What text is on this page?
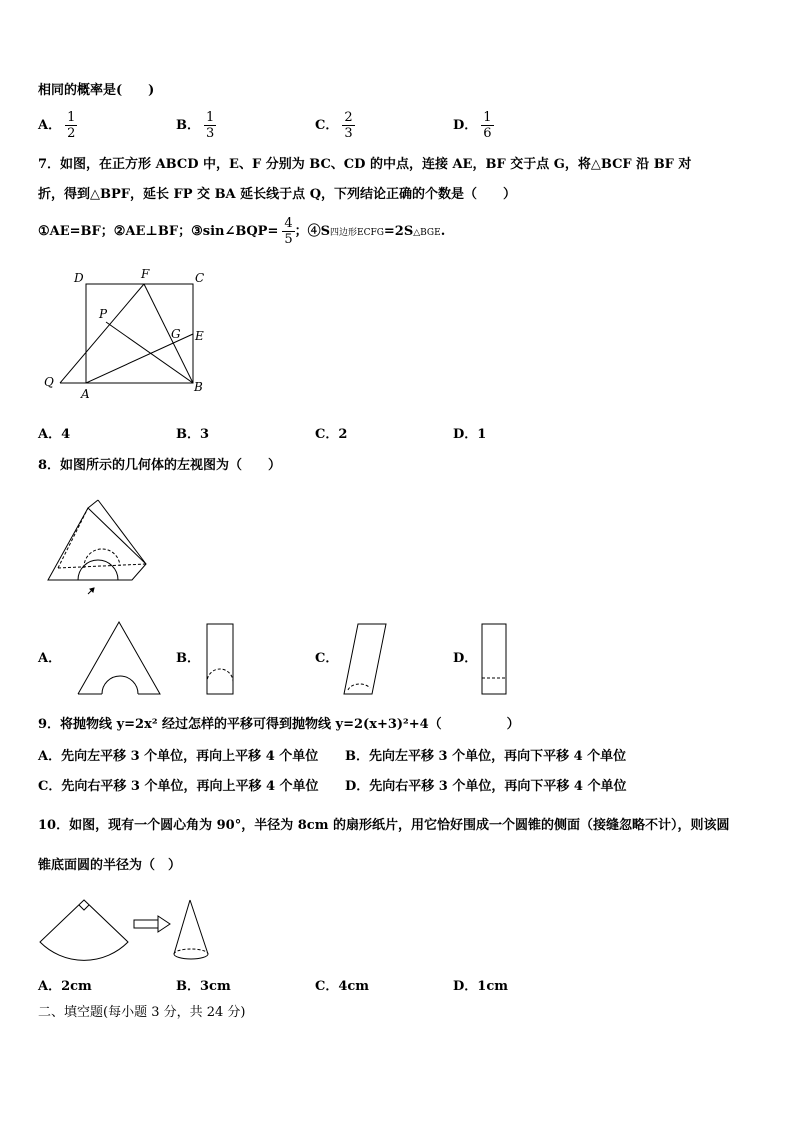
相同的概率是(　　)
A． $\frac{1}{2}$	B． $\frac{1}{3}$	C． $\frac{2}{3}$	D． $\frac{1}{6}$
7．如图，在正方形 ABCD 中，E、F 分别为 BC、CD 的中点，连接 AE，BF 交于点 G，将△BCF 沿 BF 对
折，得到△BPF，延长 FP 交 BA 延长线于点 Q，下列结论正确的个数是（　　）
①AE=BF；②AE⊥BF；③sin∠BQP= $\frac{4}{5}$ ；④S四边形ECFG=2S△BGE.
D	F	C
P
G E
Q
A	B
A．4	B．3	C．2	D．1
8．如图所示的几何体的左视图为（　　）
A．	B．	C．	D．
9．将抛物线 y=2x² 经过怎样的平移可得到抛物线 y=2(x+3)²+4（　　　　　）
A．先向左平移 3 个单位，再向上平移 4 个单位 B．先向左平移 3 个单位，再向下平移 4 个单位
C．先向右平移 3 个单位，再向上平移 4 个单位 D．先向右平移 3 个单位，再向下平移 4 个单位
10．如图，现有一个圆心角为 90°，半径为 8cm 的扇形纸片，用它恰好围成一个圆锥的侧面（接缝忽略不计），则该圆
锥底面圆的半径为（　）
A．2cm	B．3cm	C．4cm	D．1cm
二、填空题(每小题 3 分，共 24 分)
